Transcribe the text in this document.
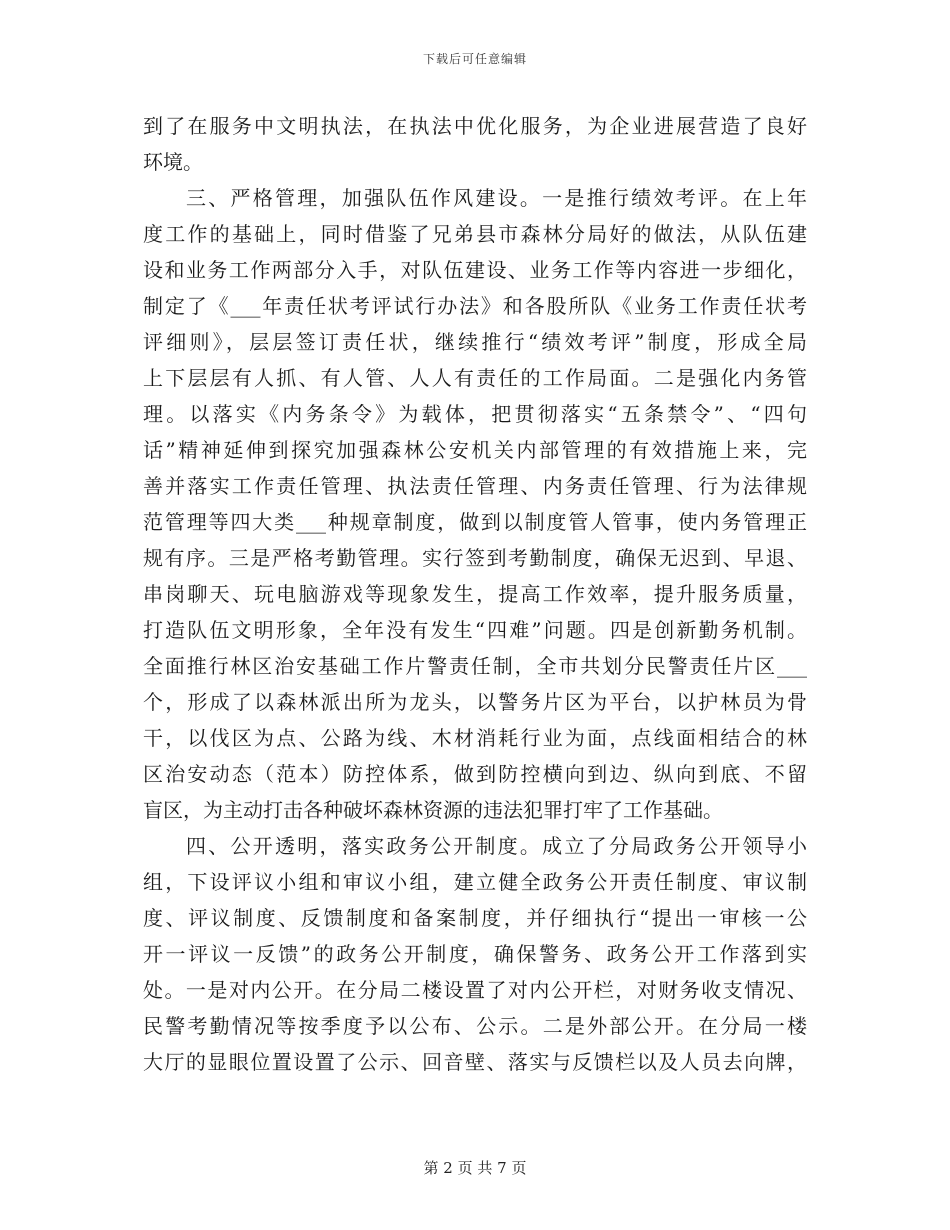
下载后可任意编辑
到了在服务中文明执法，在执法中优化服务，为企业进展营造了良好
环境。
三、严格管理，加强队伍作风建设。一是推行绩效考评。在上年
度工作的基础上，同时借鉴了兄弟县市森林分局好的做法，从队伍建
设和业务工作两部分入手，对队伍建设、业务工作等内容进一步细化，
制定了《___年责任状考评试行办法》和各股所队《业务工作责任状考
评细则》，层层签订责任状，继续推行“绩效考评”制度，形成全局
上下层层有人抓、有人管、人人有责任的工作局面。二是强化内务管
理。以落实《内务条令》为载体，把贯彻落实“五条禁令”、“四句
话”精神延伸到探究加强森林公安机关内部管理的有效措施上来，完
善并落实工作责任管理、执法责任管理、内务责任管理、行为法律规
范管理等四大类___种规章制度，做到以制度管人管事，使内务管理正
规有序。三是严格考勤管理。实行签到考勤制度，确保无迟到、早退、
串岗聊天、玩电脑游戏等现象发生，提高工作效率，提升服务质量，
打造队伍文明形象，全年没有发生“四难”问题。四是创新勤务机制。
全面推行林区治安基础工作片警责任制，全市共划分民警责任片区___
个，形成了以森林派出所为龙头，以警务片区为平台，以护林员为骨
干，以伐区为点、公路为线、木材消耗行业为面，点线面相结合的林
区治安动态（范本）防控体系，做到防控横向到边、纵向到底、不留
盲区，为主动打击各种破坏森林资源的违法犯罪打牢了工作基础。
四、公开透明，落实政务公开制度。成立了分局政务公开领导小
组，下设评议小组和审议小组，建立健全政务公开责任制度、审议制
度、评议制度、反馈制度和备案制度，并仔细执行“提出一审核一公
开一评议一反馈”的政务公开制度，确保警务、政务公开工作落到实
处。一是对内公开。在分局二楼设置了对内公开栏，对财务收支情况、
民警考勤情况等按季度予以公布、公示。二是外部公开。在分局一楼
大厅的显眼位置设置了公示、回音壁、落实与反馈栏以及人员去向牌，
第 2 页 共 7 页
